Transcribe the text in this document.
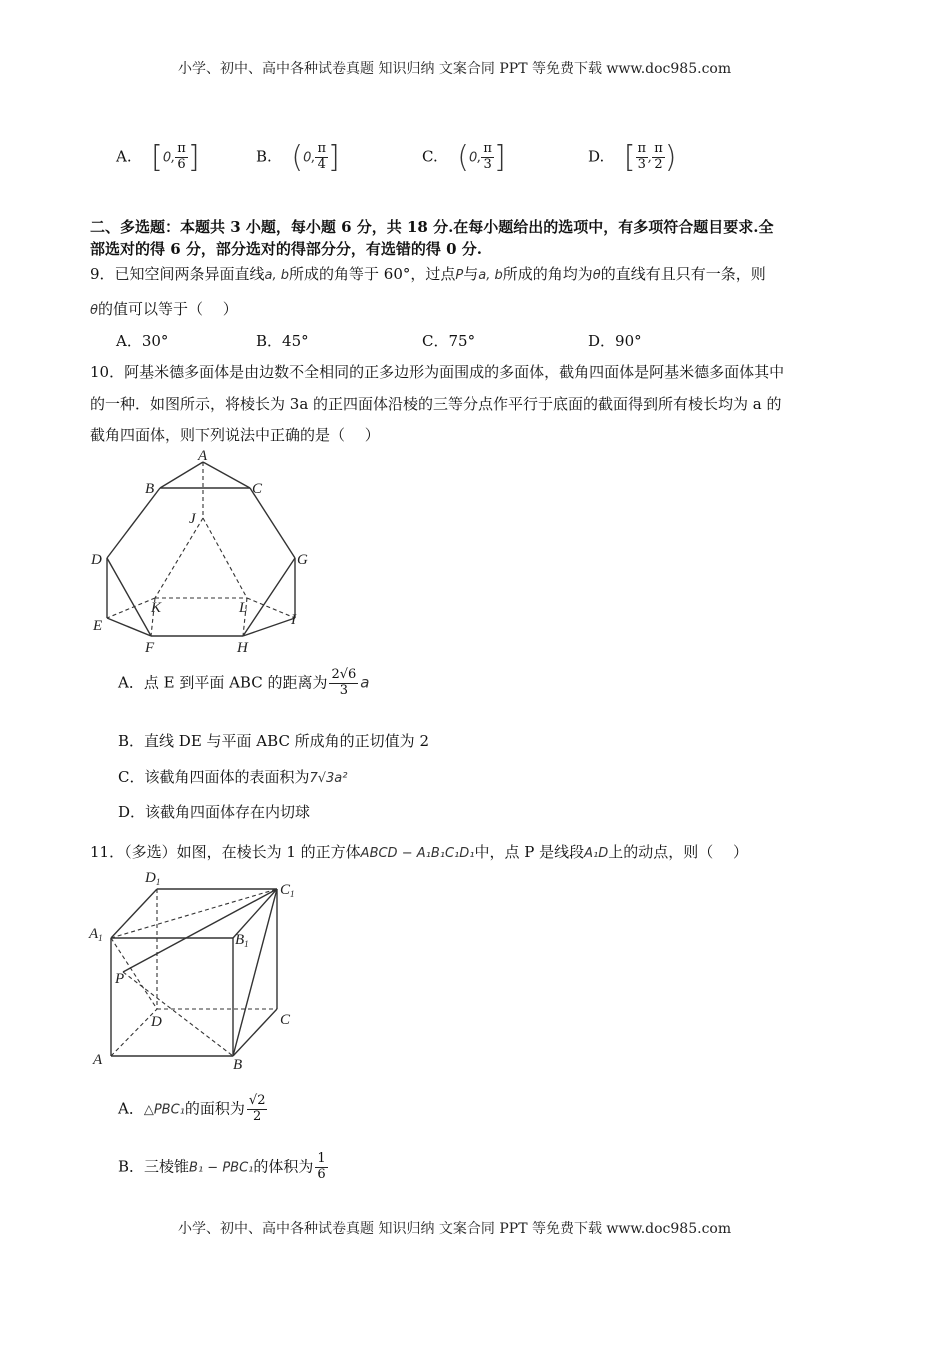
小学、初中、高中各种试卷真题 知识归纳 文案合同 PPT 等免费下载 www.doc985.com
A. [0, $\frac{\pi}{6}$ ]	B. (0, $\frac{\pi}{4}$ ]	C. (0, $\frac{\pi}{3}$ ]	D. [ $\frac{\pi}{3}$ , $\frac{\pi}{2}$ )
二、多选题：本题共 3 小题，每小题 6 分，共 18 分.在每小题给出的选项中，有多项符合题目要求.全
部选对的得 6 分，部分选对的得部分分，有选错的得 0 分.
9．已知空间两条异面直线a, b所成的角等于 60°，过点P与a, b所成的角均为θ的直线有且只有一条，则
θ的值可以等于（　 ）
A．30°	B．45°	C．75°	D．90°
10．阿基米德多面体是由边数不全相同的正多边形为面围成的多面体，截角四面体是阿基米德多面体其中
的一种．如图所示，将棱长为 3a 的正四面体沿棱的三等分点作平行于底面的截面得到所有棱长均为 a 的
截角四面体，则下列说法中正确的是（　 ）
A
B	C
J
D	G
K	L
E	I
F	H
A．点 E 到平面 ABC 的距离为 $\frac{2√6}{3}$ a
B．直线 DE 与平面 ABC 所成角的正切值为 2
C．该截角四面体的表面积为7√3a²
D．该截角四面体存在内切球
11．（多选）如图，在棱长为 1 的正方体ABCD − A₁B₁C₁D₁中，点 P 是线段A₁D上的动点，则（　 ）
$D_1$	$C_1$
$A_1$	$B_1$
P
D	C
A	B
A．△PBC₁的面积为 $\frac{√2}{2}$
B．三棱锥B₁ − PBC₁的体积为 $\frac{1}{6}$
小学、初中、高中各种试卷真题 知识归纳 文案合同 PPT 等免费下载 www.doc985.com
